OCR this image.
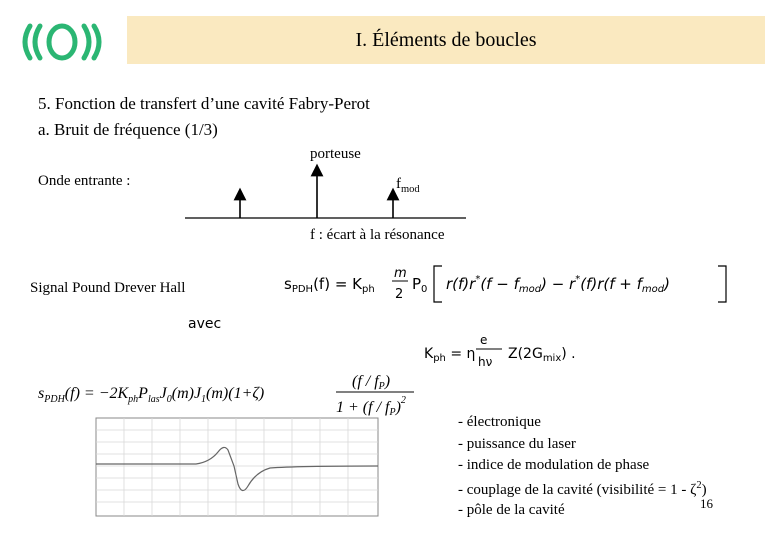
I. Éléments de boucles
5. Fonction de transfert d’une cavité Fabry-Perot
a. Bruit de fréquence (1/3)
porteuse
Onde entrante :	$f_{mod}$
f : écart à la résonance
Signal Pound Drever Hall	$s_{PDH}(f) = K_{ph}$
m
2
$P_0$ $r(f)r^*(f - f_{mod}) - r^*(f)r(f + f_{mod})$
avec
$K_{ph} = \eta$
e
hν $Z(2G_{mix})$ .
$s_{PDH}(f) = -2K_{ph}P_{las}J_0(m)J_1(m)(1+\zeta)$
(f / fP)
1 + (f / fP)$^2$
- électronique
- puissance du laser
- indice de modulation de phase
- couplage de la cavité (visibilité = $1 - \zeta^2$)
- pôle de la cavité	16
